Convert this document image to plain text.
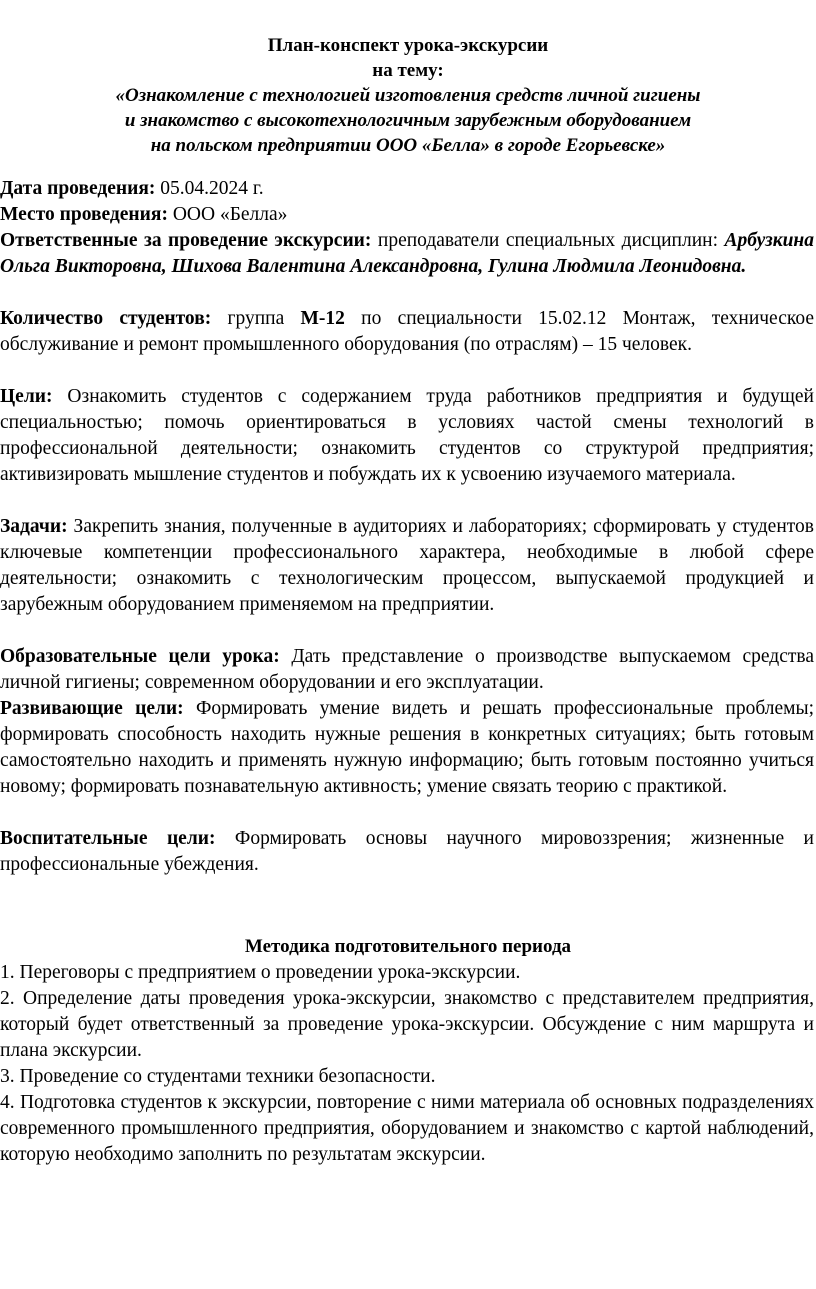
План-конспект урока-экскурсии
на тему:
«Ознакомление с технологией изготовления средств личной гигиены
и знакомство с высокотехнологичным зарубежным оборудованием
на польском предприятии ООО «Белла» в городе Егорьевске»
Дата проведения: 05.04.2024 г.
Место проведения: ООО «Белла»
Ответственные за проведение экскурсии: преподаватели специальных дисциплин: Арбузкина Ольга Викторовна, Шихова Валентина Александровна, Гулина Людмила Леонидовна.
Количество студентов: группа М-12 по специальности 15.02.12 Монтаж, техническое обслуживание и ремонт промышленного оборудования (по отраслям) – 15 человек.
Цели: Ознакомить студентов с содержанием труда работников предприятия и будущей специальностью; помочь ориентироваться в условиях частой смены технологий в профессиональной деятельности; ознакомить студентов со структурой предприятия; активизировать мышление студентов и побуждать их к усвоению изучаемого материала.
Задачи: Закрепить знания, полученные в аудиториях и лабораториях; сформировать у студентов ключевые компетенции профессионального характера, необходимые в любой сфере деятельности; ознакомить с технологическим процессом, выпускаемой продукцией и зарубежным оборудованием применяемом на предприятии.
Образовательные цели урока: Дать представление о производстве выпускаемом средства личной гигиены; современном оборудовании и его эксплуатации.
Развивающие цели: Формировать умение видеть и решать профессиональные проблемы; формировать способность находить нужные решения в конкретных ситуациях; быть готовым самостоятельно находить и применять нужную информацию; быть готовым постоянно учиться новому; формировать познавательную активность; умение связать теорию с практикой.
Воспитательные цели: Формировать основы научного мировоззрения; жизненные и профессиональные убеждения.
Методика подготовительного периода
1. Переговоры с предприятием о проведении урока-экскурсии.
2. Определение даты проведения урока-экскурсии, знакомство с представителем предприятия, который будет ответственный за проведение урока-экскурсии. Обсуждение с ним маршрута и плана экскурсии.
3. Проведение со студентами техники безопасности.
4. Подготовка студентов к экскурсии, повторение с ними материала об основных подразделениях современного промышленного предприятия, оборудованием и знакомство с картой наблюдений, которую необходимо заполнить по результатам экскурсии.
